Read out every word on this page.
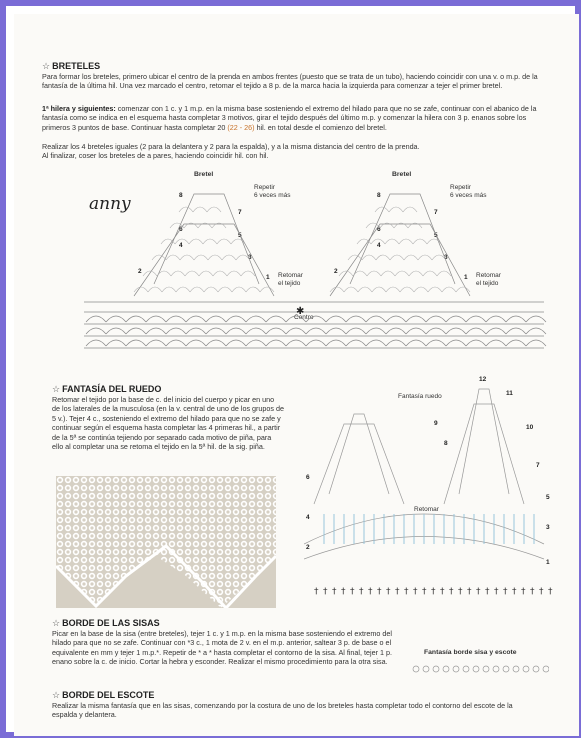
☆ BRETELES
Para formar los breteles, primero ubicar el centro de la prenda en ambos frentes (puesto que se trata de un tubo), haciendo coincidir con una v. o m.p. de la fantasía de la última hil. Una vez marcado el centro, retomar el tejido a 8 p. de la marca hacia la izquierda para comenzar a tejer el primer bretel.
1ª hilera y siguientes: comenzar con 1 c. y 1 m.p. en la misma base sosteniendo el extremo del hilado para que no se zafe, continuar con el abanico de la fantasía como se indica en el esquema hasta completar 3 motivos, girar el tejido después del último m.p. y comenzar la hilera con 3 p. enanos sobre los primeros 3 puntos de base. Continuar hasta completar 20 (22 - 26) hil. en total desde el comienzo del bretel.
Realizar los 4 breteles iguales (2 para la delantera y 2 para la espalda), y a la misma distancia del centro de la prenda.
Al finalizar, coser los breteles de a pares, haciendo coincidir hil. con hil.
anny
Bretel	Bretel
Repetir
6 veces más
Repetir
6 veces más
Retomar
el tejido
Retomar
el tejido
Centro
8
7
6
5
4
3
2
1
8
7
6
5
4
3
2
1
✱
☆ FANTASÍA DEL RUEDO
Retomar el tejido por la base de c. del inicio del cuerpo y picar en uno de los laterales de la musculosa (en la v. central de uno de los grupos de 5 v.). Tejer 4 c., sosteniendo el extremo del hilado para que no se zafe y continuar según el esquema hasta completar las 4 primeras hil., a partir de la 5ª se continúa tejiendo por separado cada motivo de piña, para ello al completar una se retoma el tejido en la 5ª hil. de la sig. piña.
Fantasía ruedo
Retomar
12
11
10
9
8
7
6
5
4
3
2
1
† † † † † † † † † † † † † † † † † † † † † † † † † † †
☆ BORDE DE LAS SISAS
Picar en la base de la sisa (entre breteles), tejer 1 c. y 1 m.p. en la misma base sosteniendo el extremo del hilado para que no se zafe. Continuar con *3 c., 1 mota de 2 v. en el m.p. anterior, saltear 3 p. de base o el equivalente en mm y tejer 1 m.p.*. Repetir de * a * hasta completar el contorno de la sisa. Al final, tejer 1 p. enano sobre la c. de inicio. Cortar la hebra y esconder. Realizar el mismo procedimiento para la otra sisa.
Fantasía borde sisa y escote
☆ BORDE DEL ESCOTE
Realizar la misma fantasía que en las sisas, comenzando por la costura de uno de los breteles hasta completar todo el contorno del escote de la espalda y delantera.
